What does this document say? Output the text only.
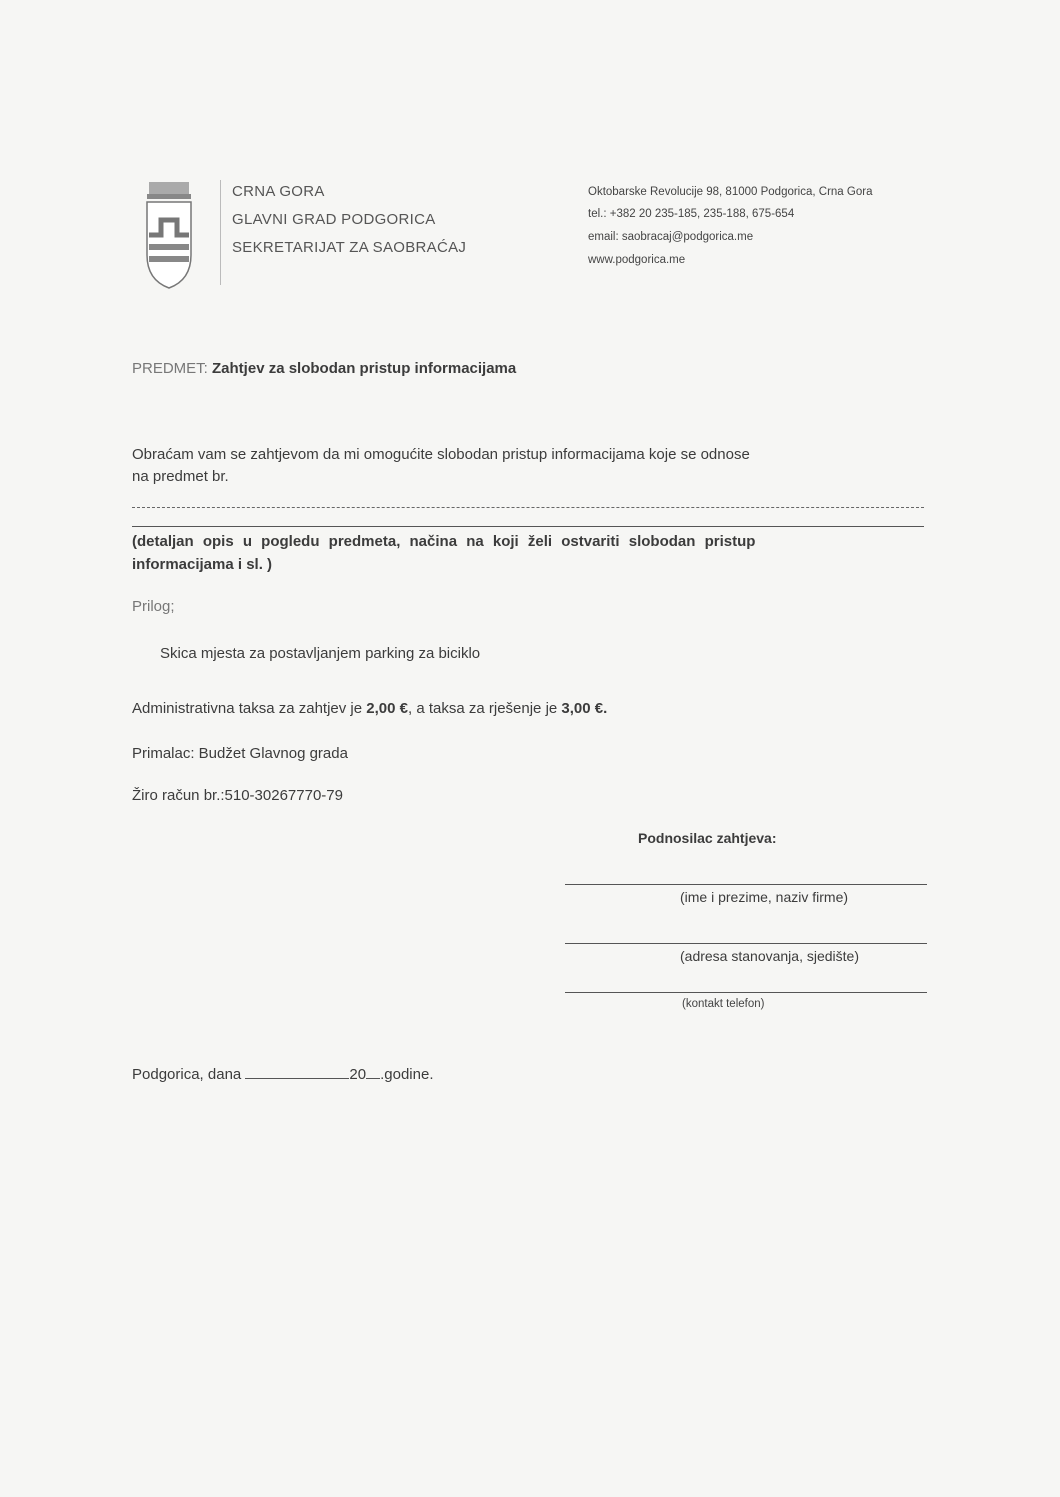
CRNA GORA
GLAVNI GRAD PODGORICA
SEKRETARIJAT ZA SAOBRAĆAJ
Oktobarske Revolucije 98, 81000 Podgorica, Crna Gora
tel.: +382 20 235-185, 235-188, 675-654
email: saobracaj@podgorica.me
www.podgorica.me
PREDMET: Zahtjev za slobodan pristup informacijama
Obraćam vam se zahtjevom da mi omogućite slobodan pristup informacijama koje se odnose
na predmet br.
(detaljan opis u pogledu predmeta, načina na koji želi ostvariti slobodan pristup
informacijama i sl. )
Prilog;
Skica mjesta za postavljanjem parking za biciklo
Administrativna taksa za zahtjev je 2,00 €, a taksa za rješenje je 3,00 €.
Primalac: Budžet Glavnog grada
Žiro račun br.:510-30267770-79
Podnosilac zahtjeva:
(ime i prezime, naziv firme)
(adresa stanovanja, sjedište)
(kontakt telefon)
Podgorica, dana	20 .godine.
